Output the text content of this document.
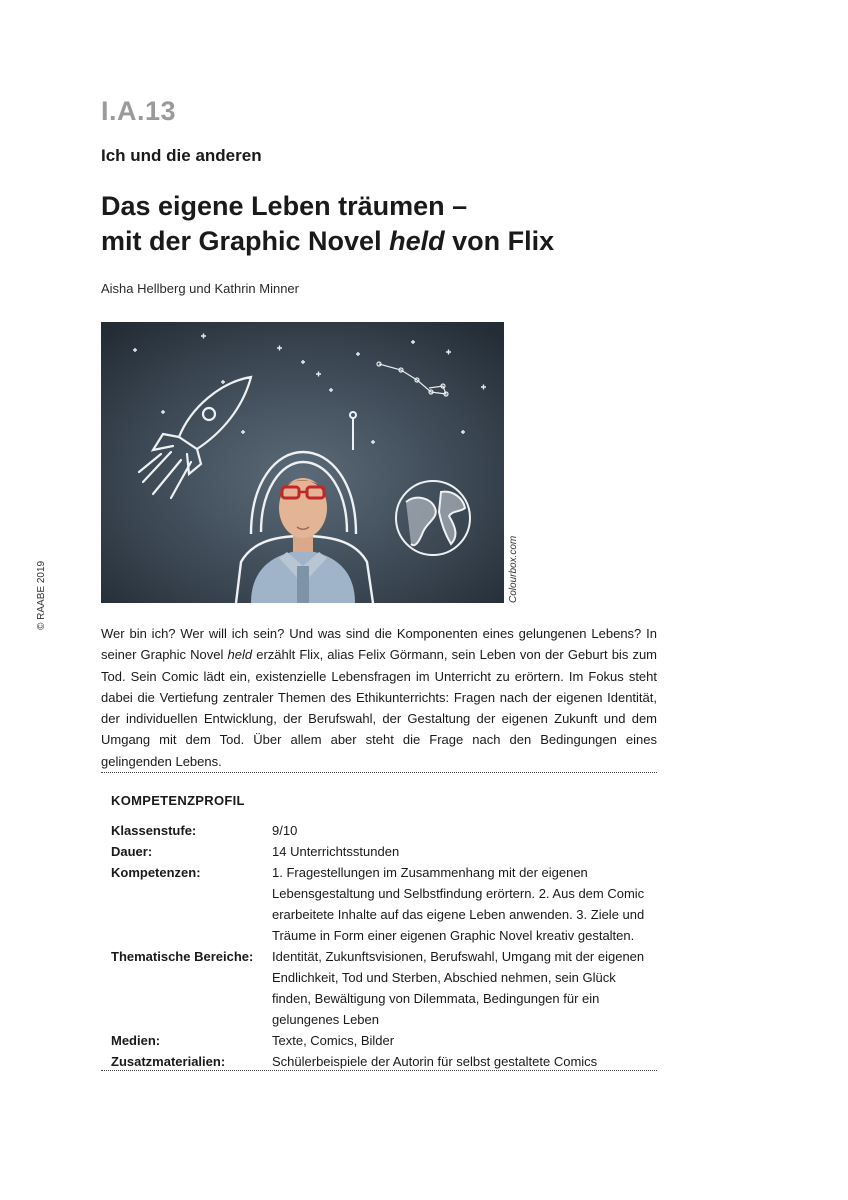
I.A.13
Ich und die anderen
Das eigene Leben träumen –
mit der Graphic Novel held von Flix
Aisha Hellberg und Kathrin Minner
Colourbox.com
© RAABE 2019
Wer bin ich? Wer will ich sein? Und was sind die Komponenten eines gelungenen Lebens? In seiner Graphic Novel held erzählt Flix, alias Felix Görmann, sein Leben von der Geburt bis zum Tod. Sein Comic lädt ein, existenzielle Lebensfragen im Unterricht zu erörtern. Im Fokus steht dabei die Vertiefung zentraler Themen des Ethikunterrichts: Fragen nach der eigenen Identität, der individuellen Entwicklung, der Berufswahl, der Gestaltung der eigenen Zukunft und dem Umgang mit dem Tod. Über allem aber steht die Frage nach den Bedingungen eines gelingenden Lebens.
KOMPETENZPROFIL
Klassenstufe:	9/10
Dauer:	14 Unterrichtsstunden
Kompetenzen:	1. Fragestellungen im Zusammenhang mit der eigenen Lebensgestaltung und Selbstfindung erörtern. 2. Aus dem Comic erarbeitete Inhalte auf das eigene Leben anwenden. 3. Ziele und Träume in Form einer eigenen Graphic Novel kreativ gestalten.
Thematische Bereiche:	Identität, Zukunftsvisionen, Berufswahl, Umgang mit der eigenen Endlichkeit, Tod und Sterben, Abschied nehmen, sein Glück finden, Bewältigung von Dilemmata, Bedingungen für ein gelungenes Leben
Medien:	Texte, Comics, Bilder
Zusatzmaterialien:	Schülerbeispiele der Autorin für selbst gestaltete Comics
